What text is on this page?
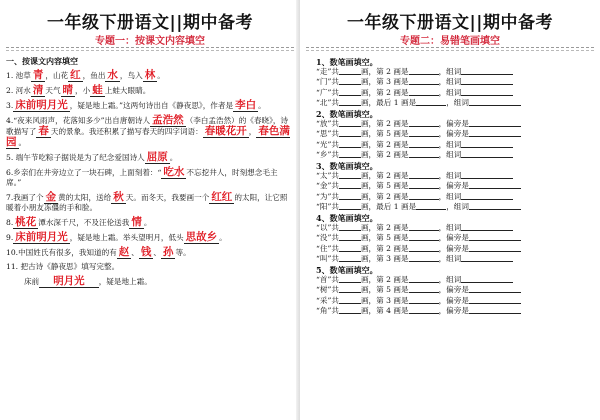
一年级下册语文||期中备考
专题一：按课文内容填空
一、按课文内容填空
1. 池草 青 ，山花 红 ，鱼出 水 ，鸟入 林 。
2. 河水 清 天气 晴 ，小 蛙 上蛙大眼睛。
3. 床前明月光 ，疑是地上霜。”这两句诗出自《静夜思》，作者是 李白 。
4.“夜来风雨声，花落知多少”出自唐朝诗人 孟浩然 （李白孟浩然）的《春晓》，诗歌描写了 春 天的景象。我还积累了描写春天的四字词语： 春暖花开 ， 春色满园 。
5. 端午节吃粽子据说是为了纪念爱国诗人 屈原 。
6.乡亲们在井旁边立了一块石碑，上面刻着：“ 吃水 不忘挖井人，时刻想念毛主席。”
7.我画了个 金 黄的太阳，送给 秋 天。而冬天，我要画一个 红红 的太阳，让它照暖着小朋友冻僵的手和脸。
8. 桃花 潭水深千尺，不及汪伦送我 情 。
9. 床前明月光 ，疑是地上霜。举头望明月，低头 思故乡 。
10.中国姓氏有很多，我知道的有 赵 、 钱 、 孙 等。
11. 把古诗《静夜思》填写完整。
床前 明月光 ，疑是地上霜。
一年级下册语文||期中备考
专题二：易错笔画填空
1、数笔画填空。
“走”共	画，第 2 画是	，组词
“门”共	画，第 3 画是	，组词
“广”共	画，第 2 画是	，组词
“北”共	画，最后 1 画是	，组词
2、数笔画填空。
“放”共	画，第 2 画是	，偏旁是
“思”共	画，第 5 画是	，偏旁是
“光”共	画，第 2 画是	，组词
“乡”共	画，第 2 画是	，组词
3、数笔画填空。
“太”共	画，第 2 画是	，组词
“金”共	画，第 5 画是	，偏旁是
“为”共	画，第 2 画是	，组词
“阳”共	画，最后 1 画是	，组词
4、数笔画填空。
“以”共	画，第 2 画是	，组词
“没”共	画，第 5 画是	，偏旁是
“住”共	画，第 2 画是	，偏旁是
“叫”共	画，第 3 画是	，组词
5、数笔画填空。
“首”共	画，第 2 画是	，组词
“树”共	画，第 5 画是	，偏旁是
“采”共	画，第 3 画是	，偏旁是
“角”共	画，第 4 画是	，偏旁是
